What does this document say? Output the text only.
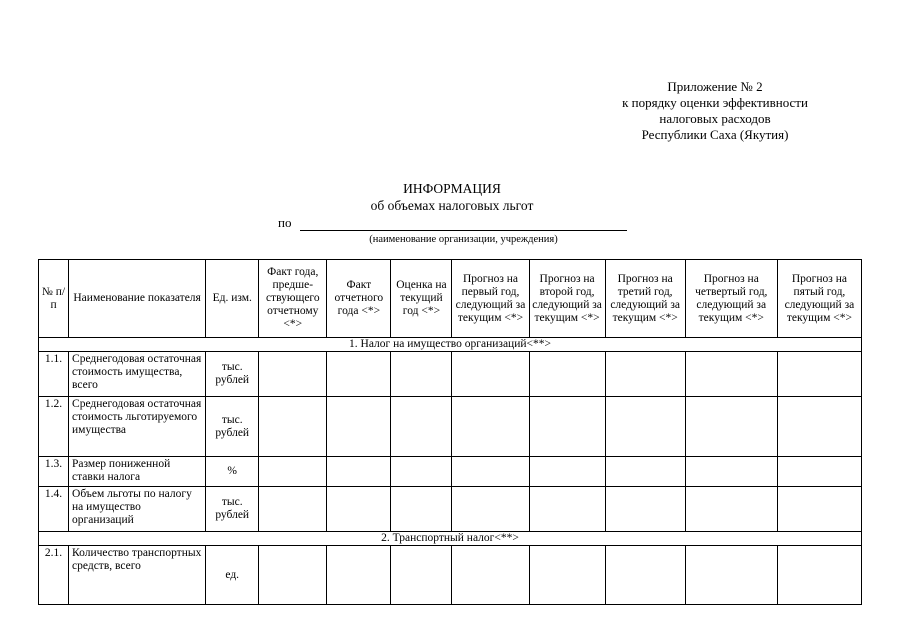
Приложение № 2
к порядку оценки эффективности
налоговых расходов
Республики Саха (Якутия)
ИНФОРМАЦИЯ
об объемах налоговых льгот
по
(наименование организации, учреждения)
№ п/п	Наименование показателя	Ед. изм.	Факт года, предше- ствующего отчетному <*>	Факт отчетного года <*>	Оценка на текущий год <*>	Прогноз на первый год, следующий за текущим <*>	Прогноз на второй год, следующий за текущим <*>	Прогноз на третий год, следующий за текущим <*>	Прогноз на четвертый год, следующий за текущим <*>	Прогноз на пятый год, следующий за текущим <*>
1. Налог на имущество организаций<**>										
1.1.	Среднегодовая остаточная стоимость имущества, всего	тыс. рублей								
1.2.	Среднегодовая остаточная стоимость льготируемого имущества	тыс. рублей								
1.3.	Размер пониженной ставки налога	%								
1.4.	Объем льготы по налогу на имущество организаций	тыс. рублей								
2. Транспортный налог<**>										
2.1.	Количество транспортных средств, всего	ед.								
